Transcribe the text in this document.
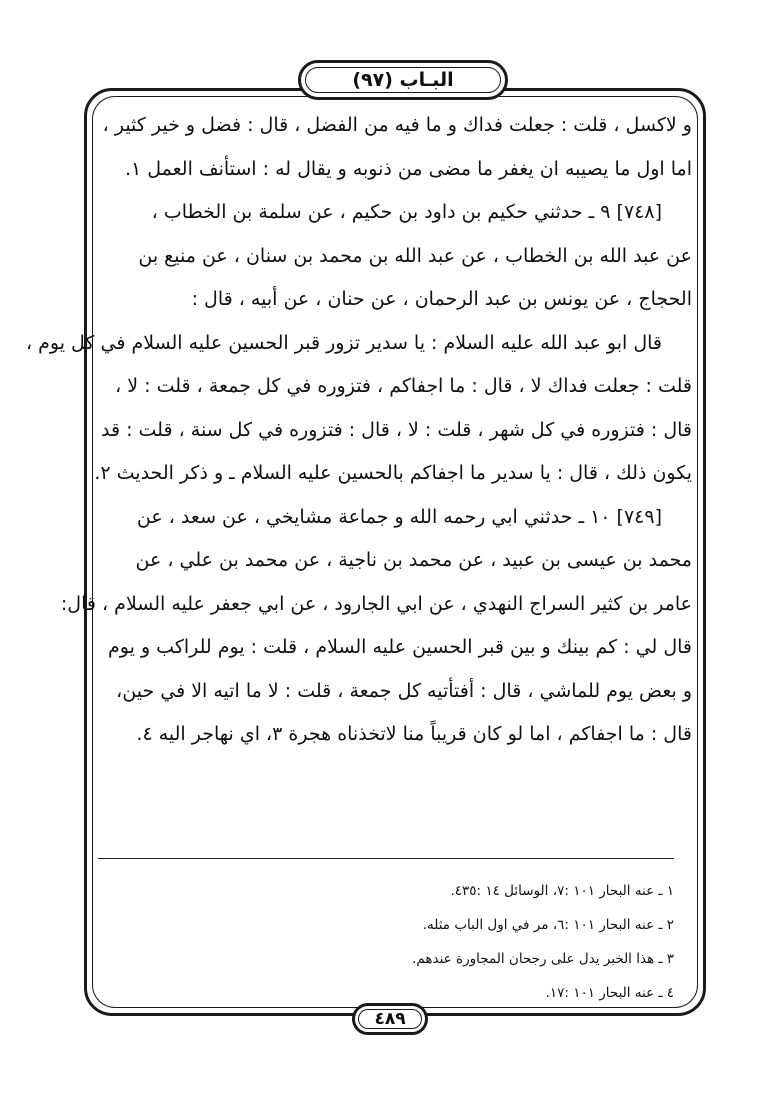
البـاب (٩٧)
و لاكسل ، قلت : جعلت فداك و ما فيه من الفضل ، قال : فضل و خير كثير ،
اما اول ما يصيبه ان يغفر ما مضى من ذنوبه و يقال له : استأنف العمل ١.
[٧٤٨] ٩ ـ حدثني حكيم بن داود بن حكيم ، عن سلمة بن الخطاب ،
عن عبد الله بن الخطاب ، عن عبد الله بن محمد بن سنان ، عن منيع بن
الحجاج ، عن يونس بن عبد الرحمان ، عن حنان ، عن أبيه ، قال :
قال ابو عبد الله عليه السلام : يا سدير تزور قبر الحسين عليه السلام في كل يوم ،
قلت : جعلت فداك لا ، قال : ما اجفاكم ، فتزوره في كل جمعة ، قلت : لا ،
قال : فتزوره في كل شهر ، قلت : لا ، قال : فتزوره في كل سنة ، قلت : قد
يكون ذلك ، قال : يا سدير ما اجفاكم بالحسين عليه السلام ـ و ذكر الحديث ٢.
[٧٤٩] ١٠ ـ حدثني ابي رحمه الله و جماعة مشايخي ، عن سعد ، عن
محمد بن عيسى بن عبيد ، عن محمد بن ناجية ، عن محمد بن علي ، عن
عامر بن كثير السراج النهدي ، عن ابي الجارود ، عن ابي جعفر عليه السلام ، قال:
قال لي : كم بينك و بين قبر الحسين عليه السلام ، قلت : يوم للراكب و يوم
و بعض يوم للماشي ، قال : أفتأتيه كل جمعة ، قلت : لا ما اتيه الا في حين،
قال : ما اجفاكم ، اما لو كان قريباً منا لاتخذناه هجرة ٣، اي نهاجر اليه ٤.
١ ـ عنه البحار ١٠١ :٧، الوسائل ١٤ :٤٣٥.
٢ ـ عنه البحار ١٠١ :٦، مر في اول الباب مثله.
٣ ـ هذا الخبر يدل على رجحان المجاورة عندهم.
٤ ـ عنه البحار ١٠١ :١٧.
٤٨٩
